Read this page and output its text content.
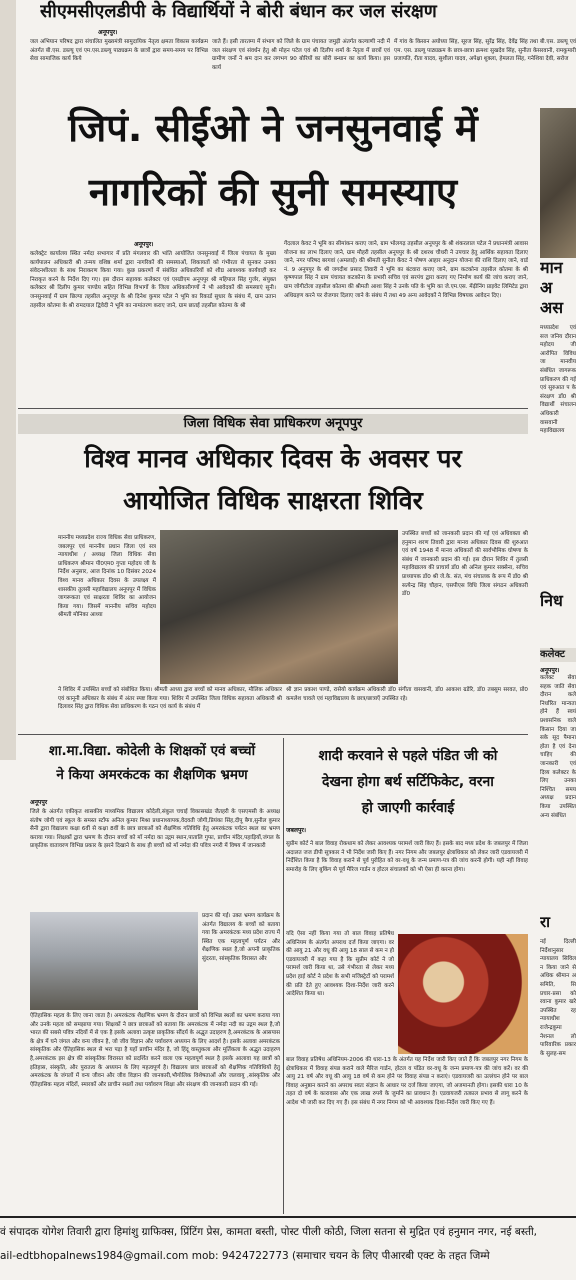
सीएमसीएलडीपी के विद्यार्थियों ने बोरी बंधान कर जल संरक्षण
अनूपपुर।
जल अभियान परिषद द्वारा संचालित मुख्यमंत्री सामुदायिक नेतृत्व क्षमता विकास कार्यक्रम अंतर्गत बी.एस. डब्ल्यू एवं एम.एस.डब्ल्यू पाठ्यक्रम के छात्रों द्वारा समय-समय पर विभिन्न सेवा सामाजिक कार्य किये
जाते हैं। इसी तारतम्य में संभाग को जिले के ग्राम पंचायत जमुड़ी अंतर्गत कल्याणी नदी में जल संरक्षण एवं संवर्धन हेतु श्री मोहन पटेल एवं श्री दिलीप शर्मा के नेतृत्व में छात्रों एवं ग्रामीण जनों ने श्रम दान कर लगभग 90 बोरियों का बोरी बन्धान का कार्य किया। इस कार्य
में गांव के किसान अयोध्या सिंह, सूरज सिंह, सुरेंद्र सिंह, देवेंद्र सिंह तथा बी.एस. डब्ल्यू एवं एम. एस. डब्ल्यू पाठ्यक्रम के छात्र-छात्रा क्रमशः सुखदेव सिंह, सुनीता केसरवानी, रामकुमारी प्रजापति, रीता यादव, सुशीला यादव, अपेक्षा शुक्ला, हेमलता सिंह, गनेशिया देवी, सरोज
जिपं. सीईओ ने जनसुनवाई में
नागरिकों की सुनी समस्याए
अनूपपुर।
कलेक्ट्रेट कार्यालय स्थित नर्मदा सभागार में प्रति मंगलवार की भांति आयोजित जनसुनवाई में जिला पंचायत के मुख्य कार्यपालन अधिकारी श्री तन्मय वशिष्ठ शर्मा द्वारा नागरिकों की समस्याओं, शिकायतों को गंभीरता से सुनकर उनका संवेदनशीलता के साथ निराकरण किया गया। कुछ प्रकरणों में संबंधित अधिकारियों को शीघ्र आवश्यक कार्यवाही कर निराकृत करने के निर्देश दिए गए। इस दौरान सहायक कलेक्टर एवं एसडीएम अनूपपुर श्री महिपाल सिंह गुर्जर, संयुक्त कलेक्टर श्री दिलीप कुमार पाण्डेय सहित विभिन्न विभागों के जिला अधिकारीगणों ने भी आवेदकों की समस्याएं सुनी। जनसुनवाई में ग्राम छिल्पा तहसील अनूपपुर के श्री दिनेश कुमार पटेल ने भूमि का रिकार्ड सुधार के संबंध में, ग्राम उतान तहसील कोतमा के श्री रामदयाल द्विवेदी ने भूमि का नामांतरण कराए जाने, ग्राम छातई तहसील कोतमा के श्री
गेंदलाल केवट ने भूमि का सीमांकन कराए जाने, ग्राम भोलगढ़ तहसील अनूपपुर के श्री शंकरलाल पटेल ने प्रधानमंत्री आवास योजना का लाभ दिलाए जाने, ग्राम मौहरी तहसील अनूपपुर के श्री दशरथ चौधरी ने उपचार हेतु आर्थिक सहायता दिलाए जाने, नगर परिषद बरगवां (अमलाई) की श्रीमती सुनीता केंवट ने पोषण आहार अनुदान योजना की राशि दिलाए जाने, वार्ड नं. 9 अनूपपुर के श्री जगदीश प्रसाद तिवारी ने भूमि का बंटवारा कराए जाने, ग्राम कटकोना तहसील कोतमा के श्री कृष्णपाल सिंह ने ग्राम पंचायत कटकोना के प्रभारी सचिव एवं सरपंच द्वारा कराए गए निर्माण कार्य की जांच कराए जाने, ग्राम जोगीटोला तहसील कोतमा की श्रीमती आशा सिंह ने उनके पति के भूमि का जे.एम.एस. मेंढ़ीनिंग प्राइवेट लिमिटेड द्वारा अधिग्रहण करने पर रोजगार दिलाए जाने के संबंध में तथा 49 अन्य आवेदकों ने विभिन्न विषयक आवेदन दिए।
मान
अ
अस
मध्यप्रदेश एवं सज जनिय दौरान महोदय जी आरोपित विविध जा मानवीय संबंधित जागरूक प्राधिकरण की गई एवं सुरुआत प के संरक्षण डॉ0 श्री विद्यार्थी संचालन अधिकारी वासवानी महाविद्यालय
जिला विधिक सेवा प्राधिकरण अनूपपुर
विश्व मानव अधिकार दिवस के अवसर पर
आयोजित विधिक साक्षरता शिविर
माननीय मध्यप्रदेश राज्य विधिक सेवा प्राधिकरण, जबलपुर एवं माननीय प्रधान जिला एवं सत्र न्यायाधीश / अध्यक्ष जिला विधिक सेवा प्राधिकरण श्रीमान पी0एम0 गुप्ता महोदय जी के निर्देश अनुसार, आज दिनांक 10 दिसंबर 2024 विश्व मानव अधिकार दिवस के उपलक्ष्य में शासकीय तुलसी महाविद्यालय अनूपपुर में विधिक जागरूकता एवं साक्षरता शिविर का आयोजन किया गया। जिसमें माननीय सचिव महोदय श्रीमती मोनिका आध्या
उपस्थित बच्चों को जानकारी प्रदान की गई एवं अधिवक्ता श्री हनुमान शरण तिवारी द्वारा मानव अधिकार दिवस की शुरुआत एवं वर्ष 1948 में मानव अधिकारों की सार्वभौमिक घोषणा के संबंध में जानकारी प्रदान की गई। इस दौरान शिविर में तुलसी महाविद्यालय की प्राचार्य डॉ0 श्री अनिल कुमार सक्सेना, सचिव प्राध्यापक डॉ0 श्री जे.के. संत, मंच संचालक के रूप में डॉ0 श्री सत्येन्द्र सिंह चौहान, एसपीएस विधि जिला संगठन अधिकारी डॉ0
ने शिविर में उपस्थित बच्चों को संबोधित किया। श्रीमती आध्या द्वारा बच्चों को मानव अधिकार, मौलिक अधिकार एवं कानूनी अधिकार के संबंध में अंतर स्पष्ट किया गया। शिविर में उपस्थित जिला विधिक सहायता अधिकारी श्री दिलावर सिंह द्वारा विधिक सेवा प्राधिकरण के गठन एवं कार्य के संबंध में
श्री ज्ञान प्रकाश पाण्डे, रासेयो कार्यक्रम अधिकारी डॉ0 संगीता वासवानी, डॉ0 आकाश ग्रडेरि, डॉ0 तबसुम सरवत, प्रो0 कमलेश चावले एवं महाविद्यालय के छात्र/छात्राएँ उपस्थित रहे।
निध
कलेक्ट
अनूपपुर।
कलेक्ट सेवा सहक जाति सेवा दौरान कले निर्धारित मान्यता होने हैं स्वयं प्रशासनिक वाले किसान दिया जा सके सूद पैमाना होता है एवं देना चाहिए की जानकारी एवं दिव्य कलेक्टर के लिए उनका निश्चित समय अध्यक्ष प्रदान किया उपस्थित अन्य संबंधित
शा.मा.विद्या. कोदेली के शिक्षकों एवं बच्चों
ने किया अमरकंटक का शैक्षणिक भ्रमण
अनूपपुर
जिले के अंतर्गत एकीकृत शासकीय माध्यमिक विद्यालय कोदेली,संकुल चचाई विकासखंड जैतहरी के एसएमसी के अध्यक्ष संतोष जोगी एवं स्कूल के समस्त स्टॉफ अनिल कुमार मिश्रा प्रधानाध्यापक,वेदवती जोगी,प्रियंका सिंह,दीपू बैगा,सुनील कुमार सैनी द्वारा विद्यालय कक्षा 6वीं से कक्षा 8वीं के छात्र छात्राओं को शैक्षणिक गतिविधि हेतु अमरकंटक पर्यटन स्थल का भ्रमण कराया गया। शिक्षकों द्वारा भ्रमण के दौरान बच्चों को माँ नर्मदा का उद्गम स्थान,पातालि गुफा, प्राचीन मंदिर,पहाड़ियों,जंगल के प्राकृतिक वातावरण विभिन्न प्रकार के झरने दिखाने के साथ ही बच्चों को माँ नर्मदा की पवित्र नगरी में विषय में जानकारी
प्रदान की गई। उक्त भ्रमण कार्यक्रम के अंतर्गत विद्यालय के बच्चों को बताया गया कि अमरकंटक मध्य प्रदेश राज्य में स्थित एक महत्वपूर्ण पर्यटन और शैक्षणिक स्थल है,जो अपनी प्राकृतिक सुंदरता, सांस्कृतिक विरासत और
ऐतिहासिक महत्व के लिए जाना जाता है। अमरकंटक शैक्षणिक भ्रमण के दौरान छात्रों को विभिन्न स्थलों का भ्रमण कराया गया और उनके महत्व को समझाया गया। शिक्षकों ने छात्र छात्राओं को बताया कि अमरकंटक में नर्मदा नदी का उद्गम स्थल है,जो भारत की सबसे पवित्र नदियों में से एक है इसके अलावा उत्कृष्ट प्राकृतिक सौंदर्य के अद्भुत उदाहरण है,अमरकंटक के आसपास के क्षेत्र में घने जंगल और वन्य जीवन है, जो जीव विज्ञान और पर्यावरण अध्ययन के लिए आदर्श है। इसके अलावा अमरकंटक सांस्कृतिक और ऐतिहासिक स्थल से भरा पड़ा है यहाँ प्राचीन मंदिर है, जो हिंदू वास्तुकला और मूर्तिकला के अद्भुत उदाहरण है,अमरकंटक इस क्षेत्र की सांस्कृतिक विरासत को प्रदर्शित करने वाला एक महत्वपूर्ण स्थल है इसके आलावा यह छात्रों को इतिहास, संस्कृति, और पुरातत्व के अध्ययन के लिए महत्वपूर्ण है। विद्यालय छात्र छात्राओं को शैक्षणिक गतिविधियों हेतु अमरकंटक के जंगलों में वन्य जीवन और जीव विज्ञान की जानकारी,भौगोलिक विशेषताओं और जलवायु ,सांस्कृतिक और ऐतिहासिक महत्व मंदिरों, स्मारकों और प्राचीन स्थलों तथा पर्यावरण शिक्षा और संरक्षण की जानकारी प्रदान की गई।
शादी करवाने से पहले पंडित जी को
देखना होगा बर्थ सर्टिफिकेट, वरना
हो जाएगी कार्रवाई
जबलपुर।
सुप्रीम कोर्ट ने बाल विवाह रोकथाम को लेकर आवश्यक परामर्श जारी किए हैं। इसके बाद मध्य प्रदेश के जबलपुर में जिला अदालत जज डीपी सूत्रकार ने भी निर्देश जारी किए हैं। नगर निगम और जबलपुर क्षेत्राधिकार को लेकर जारी एडवायजरी में निर्देशित किया है कि विवाह कराने से पूर्व पुरोहित को वर-वधू के जन्म प्रमाण-पत्र की जांच करनी होगी। यही नहीं विवाह समारोह के लिए बुकिंग से पूर्व मैरिज गार्डन व होटल संचालकों को भी ऐसा ही करना होगा।
यदि ऐसा नहीं किया गया तो बाल विवाह प्रतिषेध अधिनियम के अंतर्गत अपराध दर्ज किया जाएगा। वर की आयु 21 और वधू की आयु 18 साल से कम न हो एडवायजरी में कहा गया है कि सुप्रीम कोर्ट ने जो परामर्श जारी किया था, उसे गंभीरता से लेकर मध्य प्रदेश हाई कोर्ट ने प्रदेश के सभी मजिस्ट्रेटों को परामर्श की प्रति देते हुए आवश्यक दिशा-निर्देश जारी करने आदेशित किया था।
बाल विवाह प्रतिषेध अधिनियम-2006 की धारा-13 के अंतर्गत यह निर्देश जारी किए जाते हैं कि जबलपुर नगर निगम के क्षेत्राधिकार में विवाह संपन्न कराने वाले मैरिज गार्डन, होटल व पंडित वर-वधू के जन्म प्रमाण-पत्र की जांच करें। वर की आयु 21 वर्ष और वधू की आयु 18 वर्ष से कम होने पर विवाह संपन्न न कराएं। एडवायजरी का उल्लंघन होने पर बाल विवाह अनुष्ठान कराने का अपराध स्वतः संज्ञान के आधार पर दर्ज किया जाएगा, जो अजमानती होगा। इसकी धारा 10 के तहत दो वर्ष के कारावास और एक लाख रुपये के जुर्माने का प्रावधान है। एडवायजरी तत्काल प्रभाव से लागू करने के आदेश भी जारी कर दिए गए हैं। इस संबंध में नगर निगम को भी आवश्यक दिशा-निर्देश जारी किए गए हैं।
रा
नई दिल्ली निर्देशानुसार न्यायालय सिविल न किया जाने से अधिक श्रीमान अ समिति, सि प्रचार-प्रसा को रवाना कुमार खरे उपस्थित रह न्यायाधीश राजेन्द्रकुमा नेशनल लो पारिवारिक प्रकार के सुलह-सम
वं संपादक योगेश तिवारी द्वारा हिमांशु ग्राफिक्स, प्रिंटिंग प्रेस, कामता बस्ती, पोस्ट पीली कोठी, जिला सतना से मुद्रित एवं हनुमान नगर, नई बस्ती,
ail-edtbhopalnews1984@gmail.com mob: 9424722773 (समाचार चयन के लिए पीआरबी एक्ट के तहत जिम्मे
